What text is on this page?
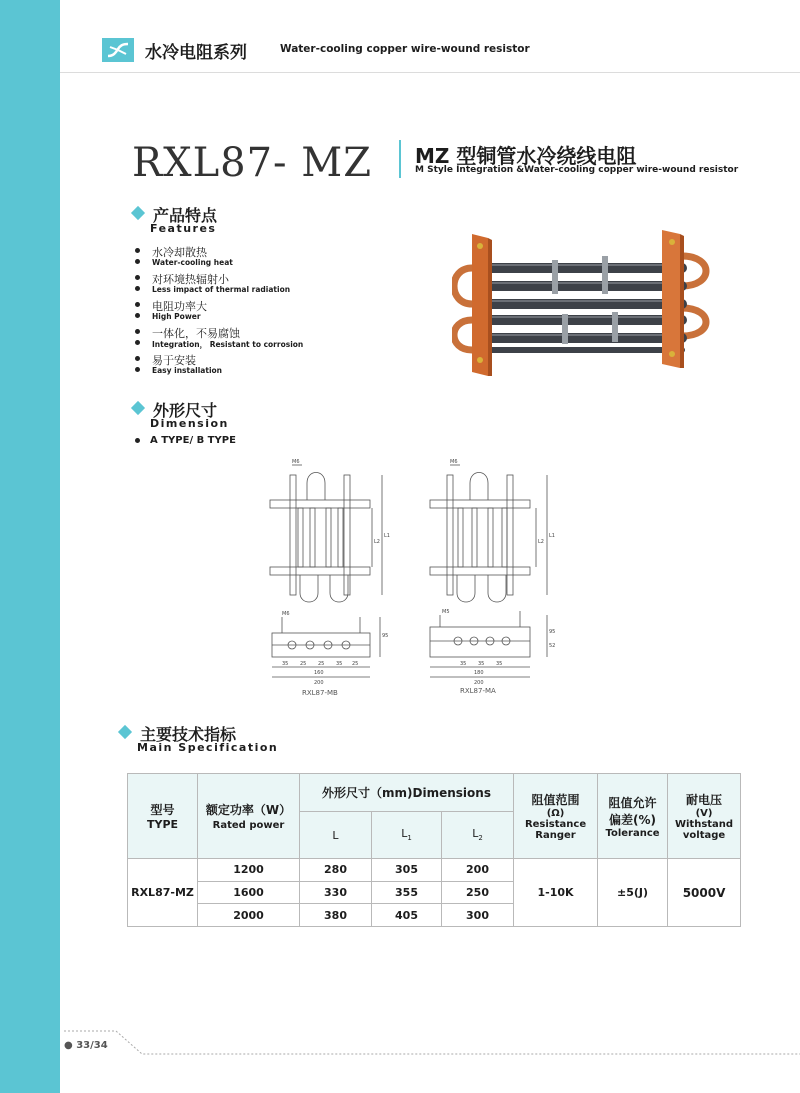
水冷电阻系列	Water-cooling copper wire-wound resistor
RXL87- MZ MZ 型铜管水冷绕线电阻
M Style Integration &Water-cooling copper wire-wound resistor
产品特点
Features
水冷却散热
Water-cooling heat
对环境热辐射小
Less impact of thermal radiation
电阻功率大
High Power
一体化，不易腐蚀
Integration， Resistant to corrosion
易于安装
Easy installation
外形尺寸
Dimension
A TYPE/ B TYPE
M6
L2
L1
M6
35 25 25 35 25
160
200
95
M6
L2
L1
M5
35 35 35
180
200
95
52
RXL87-MB	RXL87-MA
主要技术指标
Main Specification
型号
TYPE	额定功率（W）
Rated power	外形尺寸（mm)Dimensions			阻值范围
(Ω)
Resistance
Ranger	阻值允许
偏差(%)
Tolerance	耐电压
(V)
Withstand
voltage

		L	$L_1$	$L_2$
RXL87-MZ	1200	280	305	200	1-10K	±5(J)	5000V
	1600	330	355	250			
	2000	380	405	300			
● 33/34
